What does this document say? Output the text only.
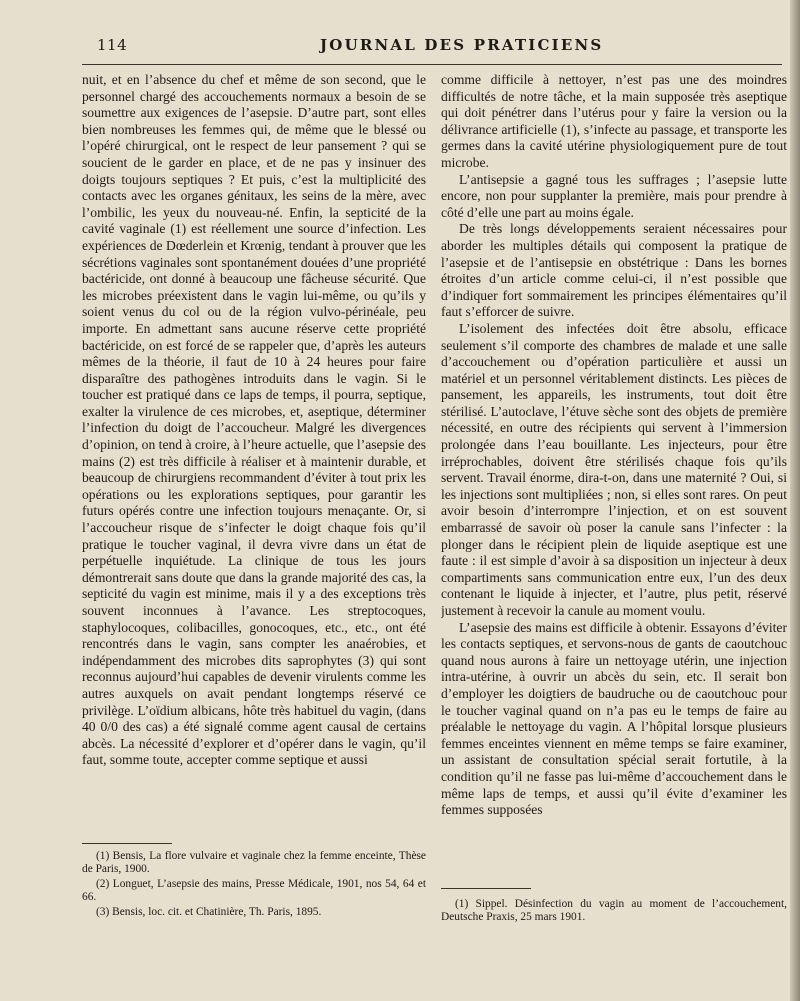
114	JOURNAL DES PRATICIENS

nuit, et en l’absence du chef et même de son second, que le personnel chargé des accouchements normaux a besoin de se soumettre aux exigences de l’asepsie. D’autre part, sont elles bien nombreuses les femmes qui, de même que le blessé ou l’opéré chirurgical, ont le respect de leur pansement ? qui se soucient de le garder en place, et de ne pas y insinuer des doigts toujours septiques ? Et puis, c’est la multiplicité des contacts avec les organes génitaux, les seins de la mère, avec l’ombilic, les yeux du nouveau-né. Enfin, la septicité de la cavité vaginale (1) est réellement une source d’infection. Les expériences de Dœderlein et Krœnig, tendant à prouver que les sécrétions vaginales sont spontanément douées d’une propriété bactéricide, ont donné à beaucoup une fâcheuse sécurité. Que les microbes préexistent dans le vagin lui-même, ou qu’ils y soient venus du col ou de la région vulvo-périnéale, peu importe. En admettant sans aucune réserve cette propriété bactéricide, on est forcé de se rappeler que, d’après les auteurs mêmes de la théorie, il faut de 10 à 24 heures pour faire disparaître des pathogènes introduits dans le vagin. Si le toucher est pratiqué dans ce laps de temps, il pourra, septique, exalter la virulence de ces microbes, et, aseptique, déterminer l’infection du doigt de l’accoucheur. Malgré les divergences d’opinion, on tend à croire, à l’heure actuelle, que l’asepsie des mains (2) est très difficile à réaliser et à maintenir durable, et beaucoup de chirurgiens recommandent d’éviter à tout prix les opérations ou les explorations septiques, pour garantir les futurs opérés contre une infection toujours menaçante. Or, si l’accoucheur risque de s’infecter le doigt chaque fois qu’il pratique le toucher vaginal, il devra vivre dans un état de perpétuelle inquiétude. La clinique de tous les jours démontrerait sans doute que dans la grande majorité des cas, la septicité du vagin est minime, mais il y a des exceptions très souvent inconnues à l’avance. Les streptocoques, staphylocoques, colibacilles, gonocoques, etc., etc., ont été rencontrés dans le vagin, sans compter les anaérobies, et indépendamment des microbes dits saprophytes (3) qui sont reconnus aujourd’hui capables de devenir virulents comme les autres auxquels on avait pendant longtemps réservé ce privilège. L’oïdium albicans, hôte très habituel du vagin, (dans 40 0/0 des cas) a été signalé comme agent causal de certains abcès. La nécessité d’explorer et d’opérer dans le vagin, qu’il faut, somme toute, accepter comme septique et aussi

(1) Bensis, La flore vulvaire et vaginale chez la femme enceinte, Thèse de Paris, 1900.

(2) Longuet, L’asepsie des mains, Presse Médicale, 1901, nos 54, 64 et 66.

(3) Bensis, loc. cit. et Chatinière, Th. Paris, 1895.

comme difficile à nettoyer, n’est pas une des moindres difficultés de notre tâche, et la main supposée très aseptique qui doit pénétrer dans l’utérus pour y faire la version ou la délivrance artificielle (1), s’infecte au passage, et transporte les germes dans la cavité utérine physiologiquement pure de tout microbe.

L’antisepsie a gagné tous les suffrages ; l’asepsie lutte encore, non pour supplanter la première, mais pour prendre à côté d’elle une part au moins égale.

De très longs développements seraient nécessaires pour aborder les multiples détails qui composent la pratique de l’asepsie et de l’antisepsie en obstétrique : Dans les bornes étroites d’un article comme celui-ci, il n’est possible que d’indiquer fort sommairement les principes élémentaires qu’il faut s’efforcer de suivre.

L’isolement des infectées doit être absolu, efficace seulement s’il comporte des chambres de malade et une salle d’accouchement ou d’opération particulière et aussi un matériel et un personnel véritablement distincts. Les pièces de pansement, les appareils, les instruments, tout doit être stérilisé. L’autoclave, l’étuve sèche sont des objets de première nécessité, en outre des récipients qui servent à l’immersion prolongée dans l’eau bouillante. Les injecteurs, pour être irréprochables, doivent être stérilisés chaque fois qu’ils servent. Travail énorme, dira-t-on, dans une maternité ? Oui, si les injections sont multipliées ; non, si elles sont rares. On peut avoir besoin d’interrompre l’injection, et on est souvent embarrassé de savoir où poser la canule sans l’infecter : la plonger dans le récipient plein de liquide aseptique est une faute : il est simple d’avoir à sa disposition un injecteur à deux compartiments sans communication entre eux, l’un des deux contenant le liquide à injecter, et l’autre, plus petit, réservé justement à recevoir la canule au moment voulu.

L’asepsie des mains est difficile à obtenir. Essayons d’éviter les contacts septiques, et servons-nous de gants de caoutchouc quand nous aurons à faire un nettoyage utérin, une injection intra-utérine, à ouvrir un abcès du sein, etc. Il serait bon d’employer les doigtiers de baudruche ou de caoutchouc pour le toucher vaginal quand on n’a pas eu le temps de faire au préalable le nettoyage du vagin. A l’hôpital lorsque plusieurs femmes enceintes viennent en même temps se faire examiner, un assistant de consultation spécial serait fortutile, à la condition qu’il ne fasse pas lui-même d’accouchement dans le même laps de temps, et aussi qu’il évite d’examiner les femmes supposées

(1) Sippel. Désinfection du vagin au moment de l’accouchement, Deutsche Praxis, 25 mars 1901.
